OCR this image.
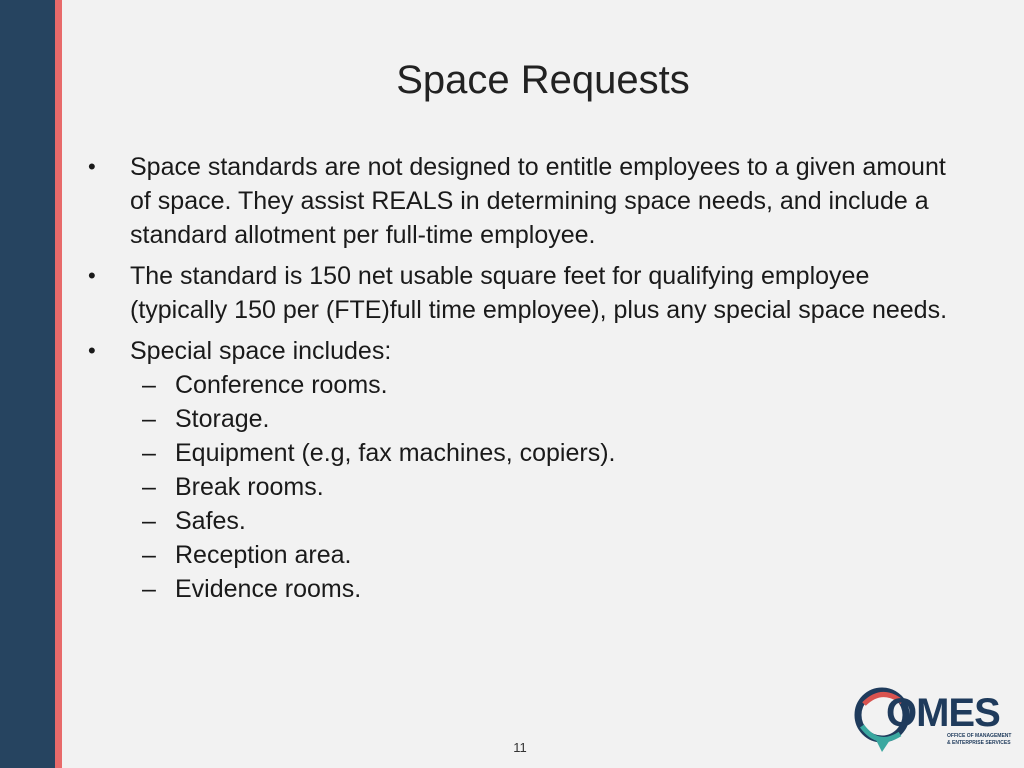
Space Requests
• Space standards are not designed to entitle employees to a given amount of space. They assist REALS in determining space needs, and include a standard allotment per full-time employee.
• The standard is 150 net usable square feet for qualifying employee (typically 150 per (FTE)full time employee), plus any special space needs.
• Special space includes:
– Conference rooms.
– Storage.
– Equipment (e.g, fax machines, copiers).
– Break rooms.
– Safes.
– Reception area.
– Evidence rooms.
11
OMES
OFFICE OF MANAGEMENT
& ENTERPRISE SERVICES
